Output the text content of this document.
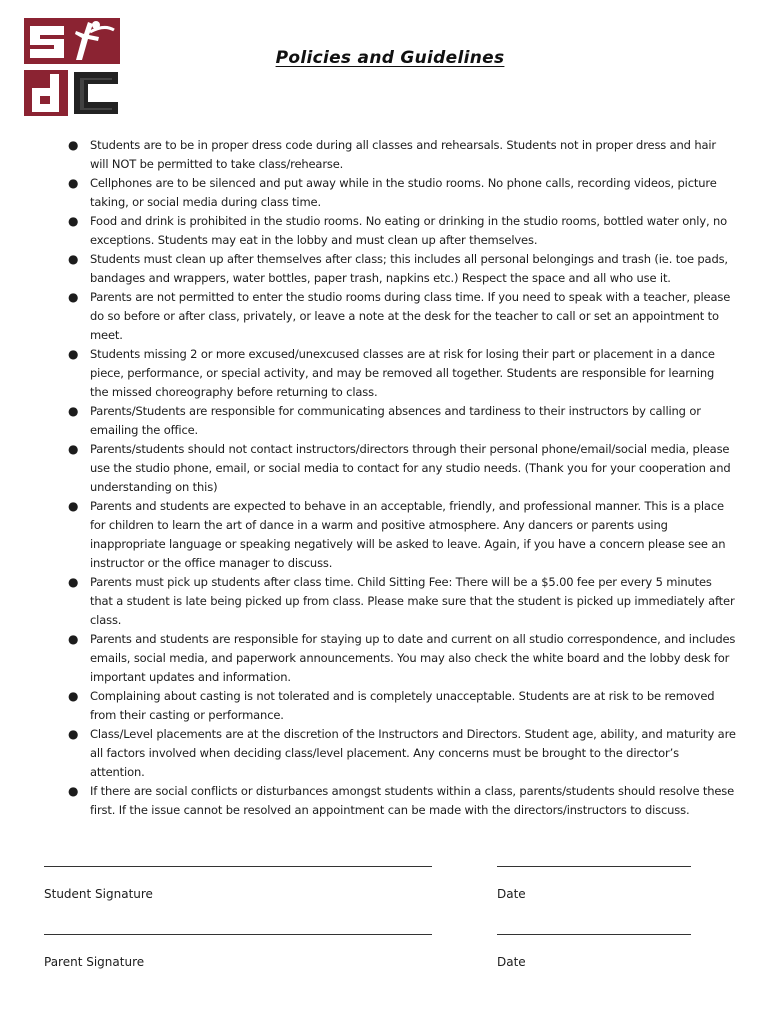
Policies and Guidelines
● Students are to be in proper dress code during all classes and rehearsals. Students not in proper dress and hair will NOT be permitted to take class/rehearse.
● Cellphones are to be silenced and put away while in the studio rooms. No phone calls, recording videos, picture taking, or social media during class time.
● Food and drink is prohibited in the studio rooms. No eating or drinking in the studio rooms, bottled water only, no exceptions. Students may eat in the lobby and must clean up after themselves.
● Students must clean up after themselves after class; this includes all personal belongings and trash (ie. toe pads, bandages and wrappers, water bottles, paper trash, napkins etc.) Respect the space and all who use it.
● Parents are not permitted to enter the studio rooms during class time. If you need to speak with a teacher, please do so before or after class, privately, or leave a note at the desk for the teacher to call or set an appointment to meet.
● Students missing 2 or more excused/unexcused classes are at risk for losing their part or placement in a dance piece, performance, or special activity, and may be removed all together. Students are responsible for learning the missed choreography before returning to class.
● Parents/Students are responsible for communicating absences and tardiness to their instructors by calling or emailing the office.
● Parents/students should not contact instructors/directors through their personal phone/email/social media, please use the studio phone, email, or social media to contact for any studio needs. (Thank you for your cooperation and understanding on this)
● Parents and students are expected to behave in an acceptable, friendly, and professional manner. This is a place for children to learn the art of dance in a warm and positive atmosphere. Any dancers or parents using inappropriate language or speaking negatively will be asked to leave. Again, if you have a concern please see an instructor or the office manager to discuss.
● Parents must pick up students after class time. Child Sitting Fee: There will be a $5.00 fee per every 5 minutes that a student is late being picked up from class. Please make sure that the student is picked up immediately after class.
● Parents and students are responsible for staying up to date and current on all studio correspondence, and includes emails, social media, and paperwork announcements. You may also check the white board and the lobby desk for important updates and information.
● Complaining about casting is not tolerated and is completely unacceptable. Students are at risk to be removed from their casting or performance.
● Class/Level placements are at the discretion of the Instructors and Directors. Student age, ability, and maturity are all factors involved when deciding class/level placement. Any concerns must be brought to the director’s attention.
● If there are social conflicts or disturbances amongst students within a class, parents/students should resolve these first. If the issue cannot be resolved an appointment can be made with the directors/instructors to discuss.
Student Signature	Date
Parent Signature	Date
